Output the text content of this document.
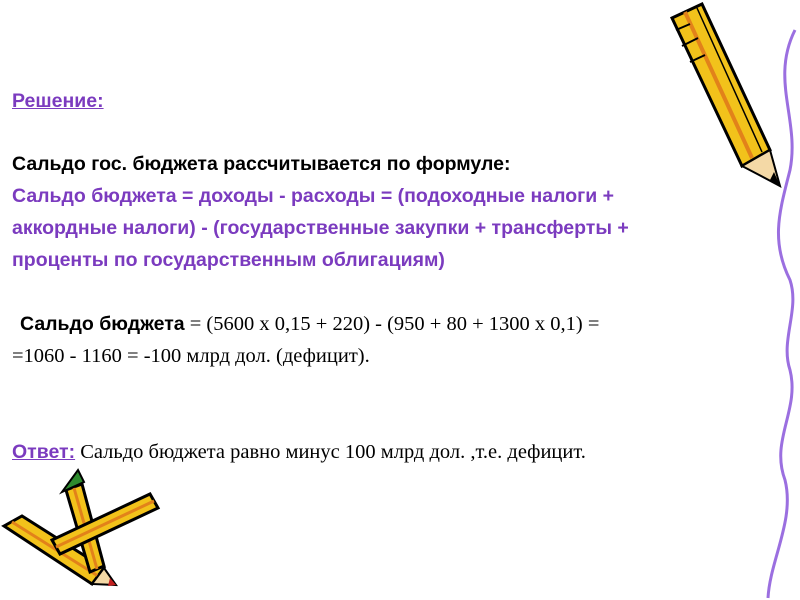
Решение:
Сальдо гос. бюджета рассчитывается по формуле:
Сальдо бюджета = доходы - расходы = (подоходные налоги +
аккордные налоги) - (государственные закупки + трансферты +
проценты по государственным облигациям)
Сальдо бюджета = (5600 х 0,15 + 220) - (950 + 80 + 1300 х 0,1) =
=1060 - 1160 = -100 млрд дол. (дефицит).
Ответ: Сальдо бюджета равно минус 100 млрд дол. ,т.е. дефицит.
